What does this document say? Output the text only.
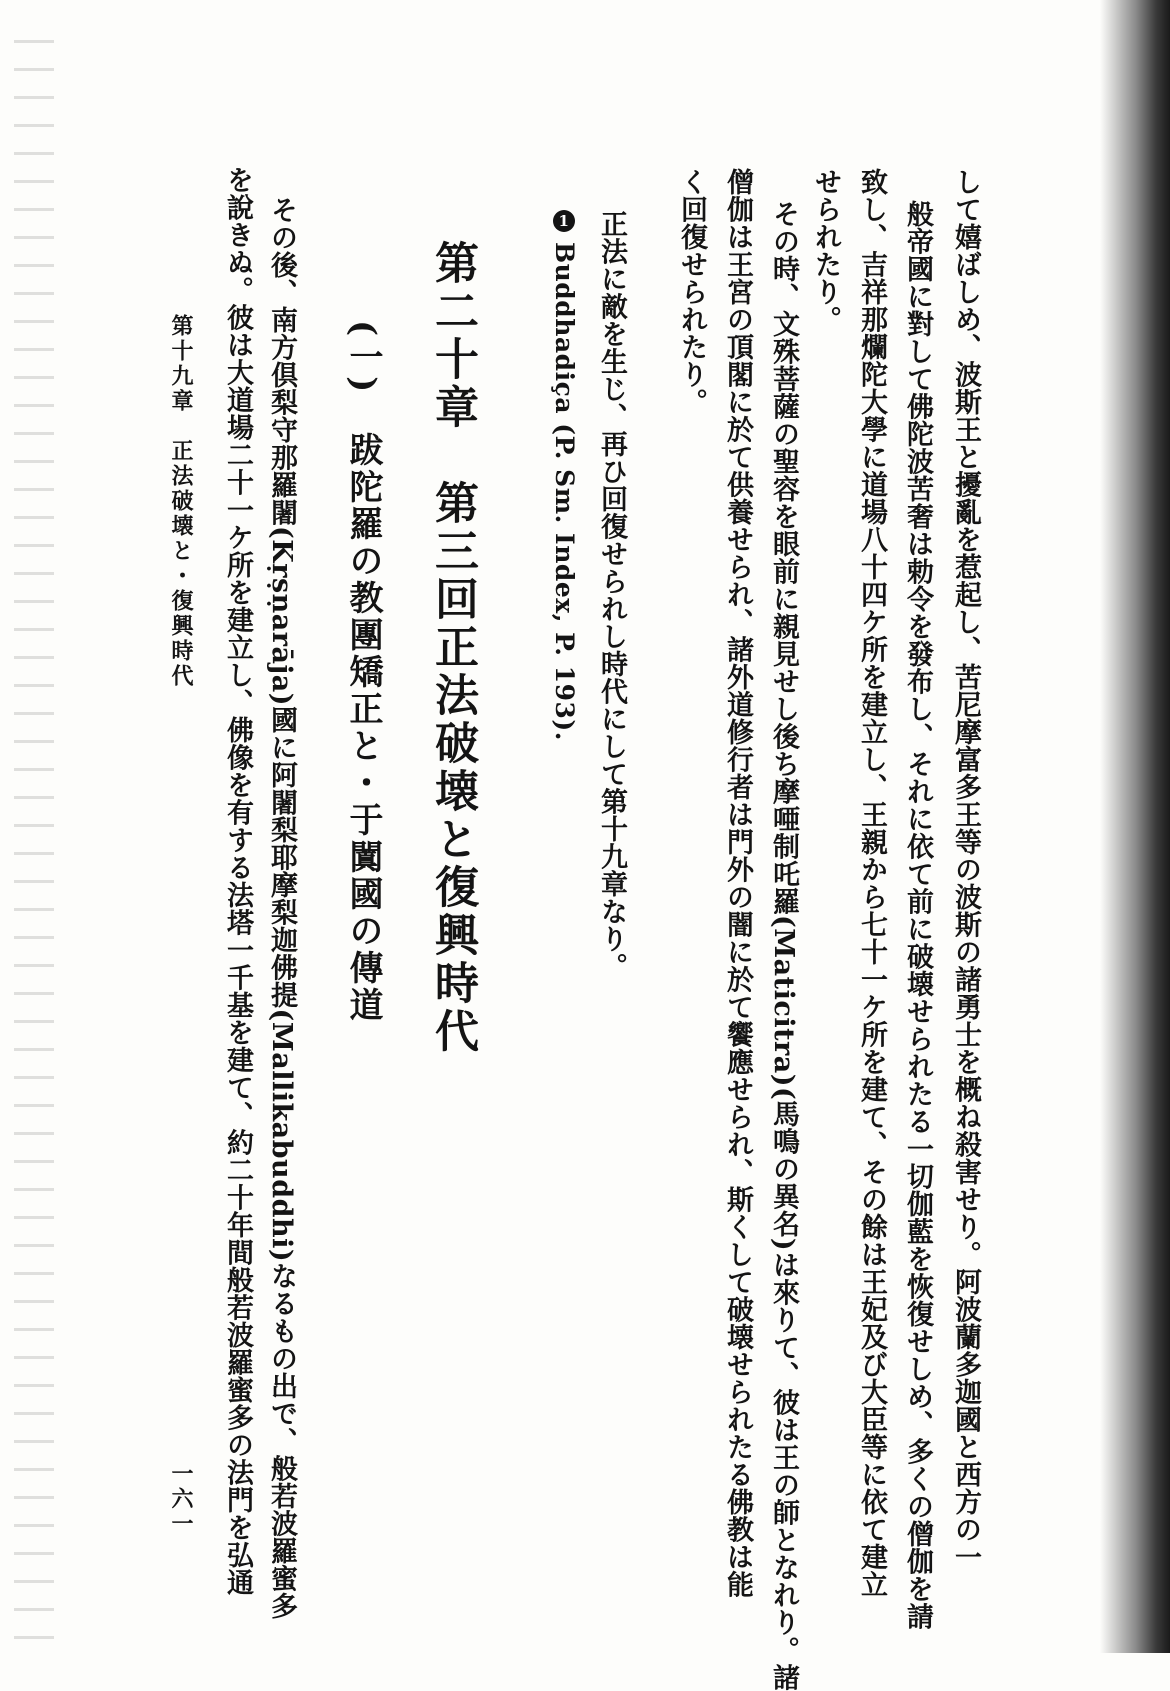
して嬉ばしめ、波斯王と擾亂を惹起し、苦尼摩富多王等の波斯の諸勇士を概ね殺害せり。阿波蘭多迦國と西方の一
般帝國に對して佛陀波苦奢は勅令を發布し、それに依て前に破壊せられたる一切伽藍を恢復せしめ、多くの僧伽を請
致し、吉祥那爛陀大學に道場八十四ケ所を建立し、王親から七十一ケ所を建て、その餘は王妃及び大臣等に依て建立
せられたり。
その時、文殊菩薩の聖容を眼前に親見せし後ち摩唖制吒羅(Maticitra)(馬鳴の異名)は來りて、彼は王の師となれり。諸
僧伽は王宮の頂閣に於て供養せられ、諸外道修行者は門外の闇に於て饗應せられ、斯くして破壊せられたる佛教は能
く回復せられたり。
正法に敵を生じ、再ひ回復せられし時代にして第十九章なり。
1Buddhadiça (P. Sm. Index, P. 193).
第二十章　第三回正法破壊と復興時代
(一)　跋陀羅の教團矯正と・于闐國の傳道
その後、南方倶梨守那羅闍(Kṛṣṇarāja)國に阿闍梨耶摩梨迦佛提(Mallikabuddhi)なるもの出で、般若波羅蜜多
を說きぬ。彼は大道場二十一ケ所を建立し、佛像を有する法塔一千基を建て、約二十年間般若波羅蜜多の法門を弘通
第十九章　正法破壊と・復興時代
一六一
